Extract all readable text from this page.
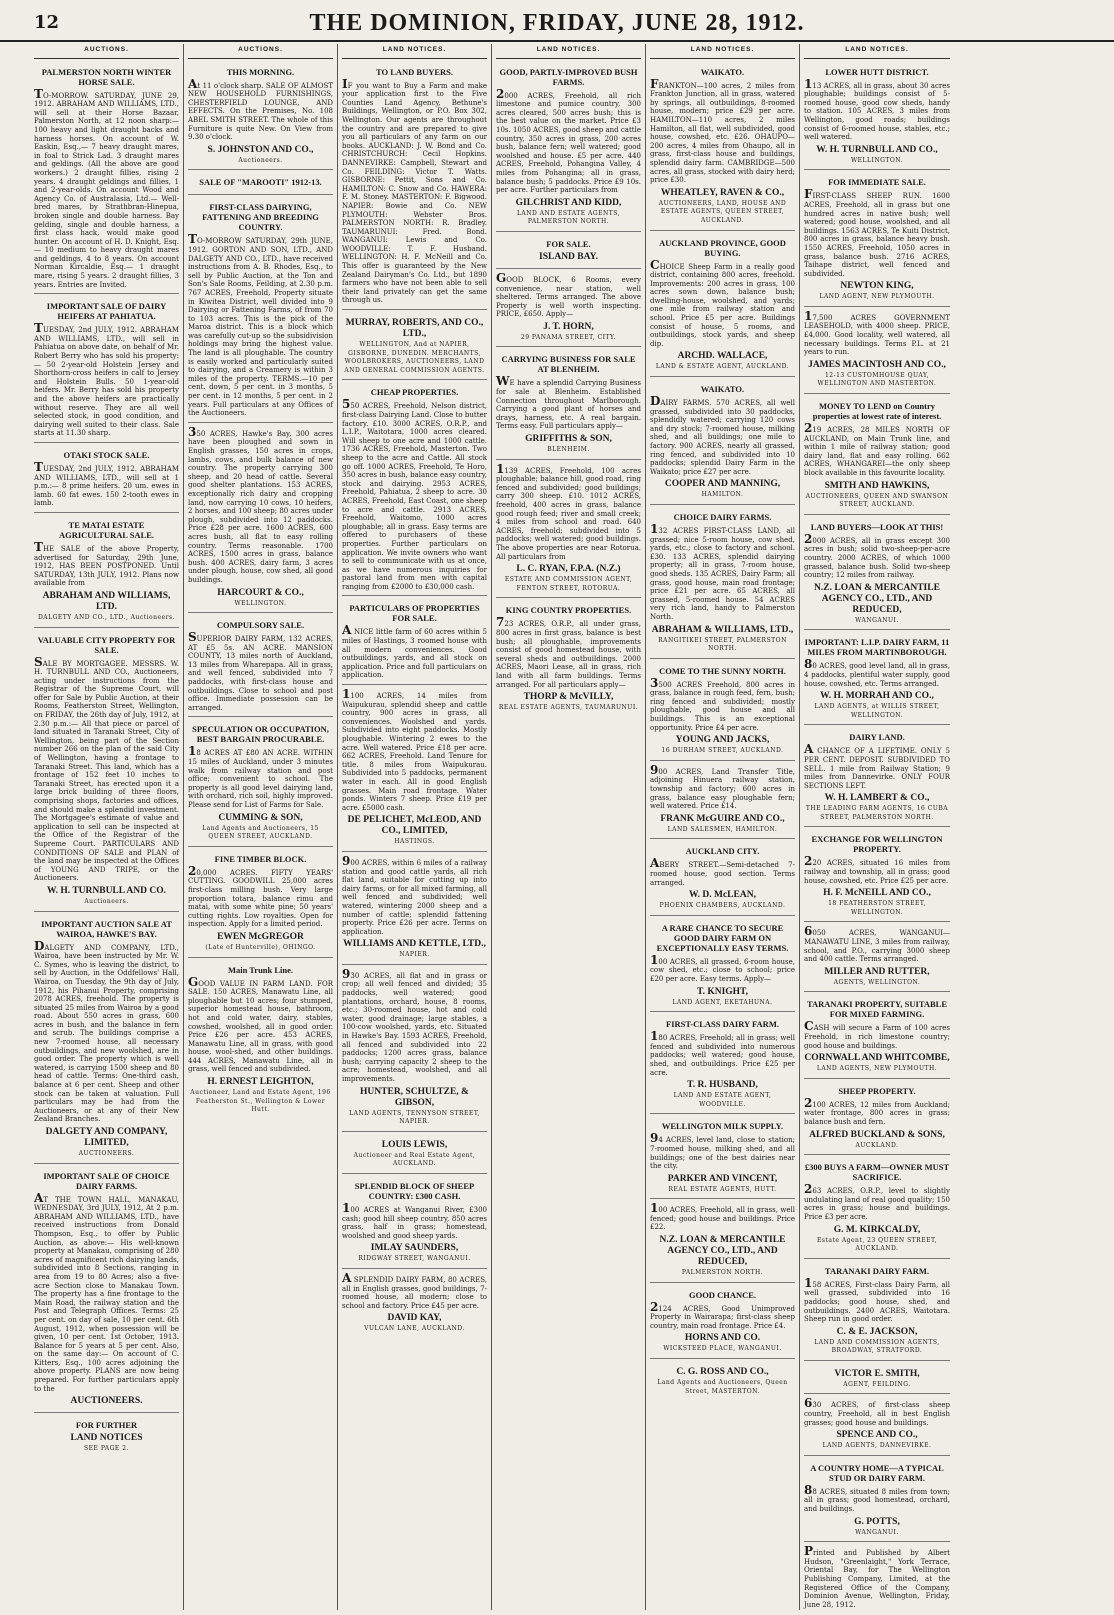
12	THE DOMINION, FRIDAY, JUNE 28, 1912.
AUCTIONS.
PALMERSTON NORTH WINTER HORSE SALE.
TO-MORROW. SATURDAY, JUNE 29, 1912. ABRAHAM AND WILLIAMS, LTD., will sell at their Horse Bazaar, Palmerston North, at 12 noon sharp:— 100 heavy and light draught backs and harness horses. On account of W. Easkin, Esq.,— 7 heavy draught mares, in foal to Strick Lad. 3 draught mares and geldings. (All the above are good workers.) 2 draught fillies, rising 2 years. 4 draught geldings and fillies, 1 and 2-year-olds. On account Wood and Agency Co. of Australasia, Ltd.— Well-bred mares, by Strathbran-Hinepua, broken single and double harness. Bay gelding, single and double harness, a first class hack, would make good hunter. On account of H. D. Knight, Esq.— 10 medium to heavy draught mares and geldings, 4 to 8 years. On account Norman Kircaldie, Esq.— 1 draught mare, rising 5 years. 2 draught fillies, 3 years. Entries are Invited.
IMPORTANT SALE OF DAIRY HEIFERS AT PAHIATUA.
TUESDAY, 2nd JULY, 1912. ABRAHAM AND WILLIAMS, LTD., will sell in Pahiatua on above date, on behalf of Mr. Robert Berry who has sold his property:— 50 2-year-old Holstein Jersey and Shorthorn-cross heifers in calf to Jersey and Holstein Bulls. 50 1-year-old heifers. Mr. Berry has sold his property and the above heifers are practically without reserve. They are all well selected stock, in good condition, and dairying well suited to their class. Sale starts at 11.30 sharp.
OTAKI STOCK SALE.
TUESDAY, 2nd JULY, 1912. ABRAHAM AND WILLIAMS, LTD., will sell at 1 p.m.:— 8 prime heifers. 20 um. ewes in lamb. 60 fat ewes. 150 2-tooth ewes in lamb.
TE MATAI ESTATE AGRICULTURAL SALE.
THE SALE of the above Property, advertised for Saturday, 29th June, 1912, HAS BEEN POSTPONED. Until SATURDAY, 13th JULY, 1912. Plans now available from
ABRAHAM AND WILLIAMS, LTD.
DALGETY AND CO., LTD., Auctioneers.
VALUABLE CITY PROPERTY FOR SALE.
SALE BY MORTGAGEE. MESSRS. W. H. TURNBULL AND CO., Auctioneers, acting under instructions from the Registrar of the Supreme Court, will offer for Sale by Public Auction, at their Rooms, Featherston Street, Wellington, on FRIDAY, the 26th day of July, 1912, at 2.30 p.m.:— All that piece or parcel of land situated in Taranaki Street, City of Wellington, being part of the Section number 266 on the plan of the said City of Wellington, having a frontage to Taranaki Street. This land, which has a frontage of 152 feet 10 inches to Taranaki Street, has erected upon it a large brick building of three floors, comprising shops, factories and offices, and should make a splendid investment. The Mortgagee's estimate of value and application to sell can be inspected at the Office of the Registrar of the Supreme Court. PARTICULARS AND CONDITIONS OF SALE and PLAN of the land may be inspected at the Offices of YOUNG AND TRIPE, or the Auctioneers.
W. H. TURNBULL AND CO.
Auctioneers.
IMPORTANT AUCTION SALE AT WAIROA, HAWKE'S BAY.
DALGETY AND COMPANY, LTD., Wairoa, have been instructed by Mr. W. C. Symes, who is leaving the district, to sell by Auction, in the Oddfellows' Hall, Wairoa, on Tuesday, the 9th day of July, 1912, his Pihanui Property, comprising 2078 ACRES, freehold. The property is situated 25 miles from Wairoa by a good road. About 550 acres in grass, 600 acres in bush, and the balance in fern and scrub. The buildings comprise a new 7-roomed house, all necessary outbuildings, and new woolshed, are in good order. The property which is well watered, is carrying 1500 sheep and 80 head of cattle. Terms: One-third cash, balance at 6 per cent. Sheep and other stock can be taken at valuation. Full particulars may be had from the Auctioneers, or at any of their New Zealand Branches.
DALGETY AND COMPANY, LIMITED,
AUCTIONEERS.
IMPORTANT SALE OF CHOICE DAIRY FARMS.
AT THE TOWN HALL, MANAKAU, WEDNESDAY, 3rd JULY, 1912, At 2 p.m. ABRAHAM AND WILLIAMS, LTD., have received instructions from Donald Thompson, Esq., to offer by Public Auction, as above:— His well-known property at Manakau, comprising of 280 acres of magnificent rich dairying lands, subdivided into 8 Sections, ranging in area from 19 to 80 Acres; also a five-acre Section close to Manakau Town. The property has a fine frontage to the Main Road, the railway station and the Post and Telegraph Offices. Terms: 25 per cent. on day of sale, 10 per cent. 6th August, 1912, when possession will be given, 10 per cent. 1st October, 1913. Balance for 5 years at 5 per cent. Also, on the same day:— On account of C. Kitters, Esq., 100 acres adjoining the above property. PLANS are now being prepared. For further particulars apply to the
AUCTIONEERS.
FOR FURTHER
LAND NOTICES
SEE PAGE 2.
AUCTIONS.
THIS MORNING.
At 11 o'clock sharp. SALE OF ALMOST NEW HOUSEHOLD FURNISHINGS, CHESTERFIELD LOUNGE, AND EFFECTS. On the Premises, No. 108 ABEL SMITH STREET. The whole of this Furniture is quite New. On View from 9.30 o'clock.
S. JOHNSTON AND CO.,
Auctioneers.
SALE OF "MAROOTI" 1912-13.
FIRST-CLASS DAIRYING, FATTENING AND BREEDING COUNTRY.
TO-MORROW SATURDAY, 29th JUNE, 1912. GORTON AND SON, LTD., AND DALGETY AND CO., LTD., have received instructions from A. B. Rhodes, Esq., to sell by Public Auction, at the Ton and Son's Sale Rooms, Feilding, at 2.30 p.m. 767 ACRES, Freehold, Property situate in Kiwitea District, well divided into 9 Dairying or Fattening Farms, of from 70 to 103 acres. This is the pick of the Maroa district. This is a block which was carefully cut-up so the subsidivision holdings may bring the highest value. The land is all ploughable. The country is easily worked and particularly suited to dairying, and a Creamery is within 3 miles of the property. TERMS.—10 per cent. down, 5 per cent. in 3 months, 5 per cent. in 12 months, 5 per cent. in 2 years. Full particulars at any Offices of the Auctioneers.
350 ACRES, Hawke's Bay, 300 acres have been ploughed and sown in English grasses, 150 acres in crops, lambs, cows, and bulk balance of new country. The property carrying 300 sheep, and 20 head of cattle. Several good shelter plantations. 153 ACRES, exceptionally rich dairy and cropping land, now carrying 10 cows, 10 heifers, 2 horses, and 100 sheep; 80 acres under plough, subdivided into 12 paddocks. Price £28 per acre. 1600 ACRES, 600 acres bush, all flat to easy rolling country. Terms reasonable. 1700 ACRES, 1500 acres in grass, balance bush. 400 ACRES, dairy farm, 3 acres under plough, house, cow shed, all good buildings.
HARCOURT & CO.,
WELLINGTON.
COMPULSORY SALE.
SUPERIOR DAIRY FARM, 132 ACRES, AT £5 5s. AN ACRE. MANSION COUNTY, 13 miles north of Auckland, 13 miles from Wharepapa. All in grass, and well fenced, subdivided into 7 paddocks, with first-class house and outbuildings. Close to school and post office. Immediate possession can be arranged.
SPECULATION OR OCCUPATION, BEST BARGAIN PROCURABLE.
18 ACRES AT £80 AN ACRE. WITHIN 15 miles of Auckland, under 3 minutes walk from railway station and post office; convenient to school. The property is all good level dairying land, with orchard, rich soil, highly improved. Please send for List of Farms for Sale.
CUMMING & SON,
Land Agents and Auctioneers, 15 QUEEN STREET, AUCKLAND.
FINE TIMBER BLOCK.
20,000 ACRES. FIFTY YEARS' CUTTING. GOODWILL 25,000 acres first-class milling bush. Very large proportion totara, balance rimu and matai, with some white pine; 50 years' cutting rights. Low royalties. Open for inspection. Apply for a limited period.
EWEN McGREGOR
(Late of Hunterville), OHINGO.
Main Trunk Line.
GOOD VALUE IN FARM LAND. FOR SALE. 150 ACRES, Manawatu Line, all ploughable but 10 acres; four stumped, superior homestead house, bathroom, hot and cold water, dairy, stables, cowshed, woolshed, all in good order. Price £26 per acre. 453 ACRES, Manawatu Line, all in grass, with good house, wool-shed, and other buildings. 444 ACRES, Manawatu Line, all in grass, well fenced and subdivided.
H. ERNEST LEIGHTON,
Auctioneer, Land and Estate Agent, 196 Featherston St., Wellington & Lower Hutt.
LAND NOTICES.
TO LAND BUYERS.
IF you want to Buy a Farm and make your application first to the Five Counties Land Agency, Bethune's Buildings, Wellington, or P.O. Box 302, Wellington. Our agents are throughout the country and are prepared to give you all particulars of any farm on our books. AUCKLAND: J. W. Bond and Co. CHRISTCHURCH: Cecil Hopkins. DANNEVIRKE: Campbell, Stewart and Co. FEILDING: Victor T. Watts. GISBORNE: Pettit, Sons and Co. HAMILTON: C. Snow and Co. HAWERA: F. M. Stoney. MASTERTON: F. Bigwood. NAPIER: Bowie and Co. NEW PLYMOUTH: Webster Bros. PALMERSTON NORTH: R. Bradley. TAUMARUNUI: Fred. Bond. WANGANUI: Lewis and Co. WOODVILLE: T. F. Husband. WELLINGTON: H. F. McNeill and Co. This offer is guaranteed by the New Zealand Dairyman's Co. Ltd., but 1890 farmers who have not been able to sell their land privately can get the same through us.
MURRAY, ROBERTS, AND CO., LTD.,
WELLINGTON, And at NAPIER, GISBORNE, DUNEDIN. MERCHANTS, WOOLBROKERS, AUCTIONEERS, LAND AND GENERAL COMMISSION AGENTS.
CHEAP PROPERTIES.
550 ACRES, Freehold, Nelson district, first-class Dairying Land. Close to butter factory. £10. 3000 ACRES, O.R.P., and L.I.P., Waitotara, 1000 acres cleared. Will sheep to one acre and 1000 cattle. 1736 ACRES, Freehold, Masterton. Two sheep to the acre and Cattle. All stock go off. 1000 ACRES, Freehold, Te Horo, 350 acres in bush, balance easy country, stock and dairying. 2953 ACRES, Freehold, Pahiatua, 2 sheep to acre. 30 ACRES, Freehold, East Coast, one sheep to acre and cattle. 2913 ACRES, Freehold, Waitomo, 1000 acres ploughable; all in grass. Easy terms are offered to purchasers of these properties. Further particulars on application. We invite owners who want to sell to communicate with us at once, as we have numerous inquiries for pastoral land from men with capital ranging from £2000 to £30,000 cash.
PARTICULARS OF PROPERTIES FOR SALE.
A NICE little farm of 60 acres within 5 miles of Hastings, 3 roomed house with all modern conveniences. Good outbuildings, yards, and all stock on application. Price and full particulars on application.
1100 ACRES, 14 miles from Waipukurau, splendid sheep and cattle country, 900 acres in grass, all conveniences. Woolshed and yards. Subdivided into eight paddocks. Mostly ploughable. Wintering 2 ewes to the acre. Well watered. Price £18 per acre. 662 ACRES, Freehold. Land Tenure for title. 8 miles from Waipukurau. Subdivided into 5 paddocks, permanent water in each. All in good English grasses. Main road frontage. Water ponds. Winters 7 sheep. Price £19 per acre. £5000 cash.
DE PELICHET, McLEOD, AND CO., LIMITED,
HASTINGS.
900 ACRES, within 6 miles of a railway station and good cattle yards, all rich flat land, suitable for cutting up into dairy farms, or for all mixed farming, all well fenced and subdivided; well watered, wintering 2000 sheep and a number of cattle; splendid fattening property. Price £26 per acre. Terms on application.
WILLIAMS AND KETTLE, LTD.,
NAPIER.
930 ACRES, all flat and in grass or crop; all well fenced and divided; 35 paddocks, well watered; good plantations, orchard, house, 8 rooms, etc.; 30-roomed house, hot and cold water, good drainage; large stables, a 100-cow woolshed, yards, etc. Situated in Hawke's Bay. 1593 ACRES, Freehold, all fenced and subdivided into 22 paddocks; 1200 acres grass, balance bush; carrying capacity 2 sheep to the acre; homestead, woolshed, and all improvements.
HUNTER, SCHULTZE, & GIBSON,
LAND AGENTS, TENNYSON STREET, NAPIER.
LOUIS LEWIS,
Auctioneer and Real Estate Agent, AUCKLAND.
SPLENDID BLOCK OF SHEEP COUNTRY: £300 CASH.
100 ACRES at Wanganui River, £300 cash; good hill sheep country, 850 acres grass, half in grass; homestead, woolshed and good sheep yards.
IMLAY SAUNDERS,
RIDGWAY STREET, WANGANUI.
A SPLENDID DAIRY FARM, 80 ACRES, all in English grasses, good buildings, 7-roomed house, all modern; close to school and factory. Price £45 per acre.
DAVID KAY,
VULCAN LANE, AUCKLAND.
LAND NOTICES.
GOOD, PARTLY-IMPROVED BUSH FARMS.
2000 ACRES, Freehold, all rich limestone and pumice country, 300 acres cleared, 500 acres bush; this is the best value on the market. Price £3 10s. 1050 ACRES, good sheep and cattle country, 350 acres in grass, 200 acres bush, balance fern; well watered; good woolshed and house. £5 per acre. 440 ACRES, Freehold, Pohangina Valley, 4 miles from Pohangina; all in grass, balance bush; 5 paddocks. Price £9 10s. per acre. Further particulars from
GILCHRIST AND KIDD,
LAND AND ESTATE AGENTS, PALMERSTON NORTH.
FOR SALE.
ISLAND BAY.
GOOD BLOCK, 6 Rooms, every convenience, near station, well sheltered. Terms arranged. The above Property is well worth inspecting. PRICE, £650. Apply—
J. T. HORN,
29 PANAMA STREET, CITY.
CARRYING BUSINESS FOR SALE AT BLENHEIM.
WE have a splendid Carrying Business for sale at Blenheim. Established Connection throughout Marlborough. Carrying a good plant of horses and drays, harness, etc. A real bargain. Terms easy. Full particulars apply—
GRIFFITHS & SON,
BLENHEIM.
1139 ACRES, Freehold, 100 acres ploughable; balance hill, good road, ring fenced and subdivided; good buildings; carry 300 sheep. £10. 1012 ACRES, freehold, 400 acres in grass, balance good rough feed; river and small creek; 4 miles from school and road. 640 ACRES, freehold; subdivided into 5 paddocks; well watered; good buildings. The above properties are near Rotorua. All particulars from
L. C. RYAN, F.P.A. (N.Z.)
ESTATE AND COMMISSION AGENT, FENTON STREET, ROTORUA.
KING COUNTRY PROPERTIES.
723 ACRES, O.R.P., all under grass, 800 acres in first grass, balance is best bush; all ploughable, improvements consist of good homestead house, with several sheds and outbuildings. 2000 ACRES, Maori Lease, all in grass, rich land with all farm buildings. Terms arranged. For all particulars apply—
THORP & McVILLY,
REAL ESTATE AGENTS, TAUMARUNUI.
LAND NOTICES.
WAIKATO.
FRANKTON—100 acres, 2 miles from Frankton Junction, all in grass, watered by springs, all outbuildings, 8-roomed house, modern; price £29 per acre. HAMILTON—110 acres, 2 miles Hamilton, all flat, well subdivided, good house, cowshed, etc. £26. OHAUPO—200 acres, 4 miles from Ohaupo, all in grass, first-class house and buildings, splendid dairy farm. CAMBRIDGE—500 acres, all grass, stocked with dairy herd; price £30.
WHEATLEY, RAVEN & CO.,
AUCTIONEERS, LAND, HOUSE AND ESTATE AGENTS, QUEEN STREET, AUCKLAND.
AUCKLAND PROVINCE, GOOD BUYING.
CHOICE Sheep Farm in a really good district, containing 800 acres, freehold. Improvements: 200 acres in grass, 100 acres sown down, balance bush; dwelling-house, woolshed, and yards; one mile from railway station and school. Price £5 per acre. Buildings consist of house, 5 rooms, and outbuildings, stock yards, and sheep dip.
ARCHD. WALLACE,
LAND & ESTATE AGENT, AUCKLAND.
WAIKATO.
DAIRY FARMS. 570 ACRES, all well grassed, subdivided into 30 paddocks, splendidly watered; carrying 120 cows and dry stock; 7-roomed house, milking shed, and all buildings; one mile to factory. 900 ACRES, nearly all grassed, ring fenced, and subdivided into 10 paddocks; splendid Dairy Farm in the Waikato; price £27 per acre.
COOPER AND MANNING,
HAMILTON.
CHOICE DAIRY FARMS.
132 ACRES FIRST-CLASS LAND, all grassed; nice 5-room house, cow shed, yards, etc.; close to factory and school. £30. 133 ACRES, splendid dairying property; all in grass, 7-room house, good sheds. 135 ACRES, Dairy Farm; all grass, good house, main road frontage; price £21 per acre. 65 ACRES, all grassed, 5-roomed house. 54 ACRES very rich land, handy to Palmerston North.
ABRAHAM & WILLIAMS, LTD.,
RANGITIKEI STREET, PALMERSTON NORTH.
COME TO THE SUNNY NORTH.
3500 ACRES Freehold, 800 acres in grass, balance in rough feed, fern, bush; ring fenced and subdivided; mostly ploughable, good house and all buildings. This is an exceptional opportunity. Price £4 per acre.
YOUNG AND JACKS,
16 DURHAM STREET, AUCKLAND.
900 ACRES, Land Transfer Title, adjoining Hinuera railway station, township and factory; 600 acres in grass, balance easy ploughable fern; well watered. Price £14.
FRANK McGUIRE AND CO.,
LAND SALESMEN, HAMILTON.
AUCKLAND CITY.
ABERY STREET.—Semi-detached 7-roomed house, good section. Terms arranged.
W. D. McLEAN,
PHOENIX CHAMBERS, AUCKLAND.
A RARE CHANCE TO SECURE GOOD DAIRY FARM ON EXCEPTIONALLY EASY TERMS.
100 ACRES, all grassed, 6-room house, cow shed, etc.; close to school; price £20 per acre. Easy terms. Apply—
T. KNIGHT,
LAND AGENT, EKETAHUNA.
FIRST-CLASS DAIRY FARM.
180 ACRES, Freehold; all in grass; well fenced and subdivided into numerous paddocks; well watered; good house, shed, and outbuildings. Price £25 per acre.
T. R. HUSBAND,
LAND AND ESTATE AGENT, WOODVILLE.
WELLINGTON MILK SUPPLY.
94 ACRES, level land, close to station; 7-roomed house, milking shed, and all buildings; one of the best dairies near the city.
PARKER AND VINCENT,
REAL ESTATE AGENTS, HUTT.
100 ACRES, Freehold, all in grass, well fenced; good house and buildings. Price £22.
N.Z. LOAN & MERCANTILE AGENCY CO., LTD., AND REDUCED,
PALMERSTON NORTH.
GOOD CHANCE.
2124 ACRES, Good Unimproved Property in Wairarapa; first-class sheep country, main road frontage. Price £4.
HORNS AND CO.
WICKSTEED PLACE, WANGANUI.
C. G. ROSS AND CO.,
Land Agents and Auctioneers, Queen Street, MASTERTON.
LAND NOTICES.
LOWER HUTT DISTRICT.
113 ACRES, all in grass, about 30 acres ploughable; buildings consist of 5-roomed house, good cow sheds, handy to station. 105 ACRES, 3 miles from Wellington, good roads; buildings consist of 6-roomed house, stables, etc.; well watered.
W. H. TURNBULL AND CO.,
WELLINGTON.
FOR IMMEDIATE SALE.
FIRST-CLASS SHEEP RUN. 1600 ACRES, Freehold, all in grass but one hundred acres in native bush; well watered; good house, woolshed, and all buildings. 1563 ACRES, Te Kuiti District, 800 acres in grass, balance heavy bush. 1550 ACRES, Freehold, 1050 acres in grass, balance bush. 2716 ACRES, Taihape district, well fenced and subdivided.
NEWTON KING,
LAND AGENT, NEW PLYMOUTH.
17,500 ACRES GOVERNMENT LEASEHOLD, with 4000 sheep. PRICE, £4,000. Good locality, well watered, all necessary buildings. Terms P.L. at 21 years to run.
JAMES MACINTOSH AND CO.,
12-13 CUSTOMHOUSE QUAY, WELLINGTON AND MASTERTON.
MONEY TO LEND on Country properties at lowest rate of interest.
219 ACRES, 28 MILES NORTH OF AUCKLAND, on Main Trunk line, and within 1 mile of railway station; good dairy land, flat and easy rolling. 662 ACRES, WHANGAREI—the only sheep block available in this favourite locality.
SMITH AND HAWKINS,
AUCTIONEERS, QUEEN AND SWANSON STREET, AUCKLAND.
LAND BUYERS—LOOK AT THIS!
2000 ACRES, all in grass except 300 acres in bush; solid two-sheep-per-acre country. 2000 ACRES, of which 1000 grassed, balance bush. Solid two-sheep country; 12 miles from railway.
N.Z. LOAN & MERCANTILE AGENCY CO., LTD., AND REDUCED,
WANGANUI.
IMPORTANT: L.I.P. DAIRY FARM, 11 MILES FROM MARTINBOROUGH.
80 ACRES, good level land, all in grass, 4 paddocks, plentiful water supply, good house, cowshed, etc. Terms arranged.
W. H. MORRAH AND CO.,
LAND AGENTS, at WILLIS STREET, WELLINGTON.
DAIRY LAND.
A CHANCE OF A LIFETIME. ONLY 5 PER CENT. DEPOSIT. SUBDIVIDED TO SELL. 1 mile from Railway Station; 9 miles from Dannevirke. ONLY FOUR SECTIONS LEFT.
W. H. LAMBERT & CO.,
THE LEADING FARM AGENTS, 16 CUBA STREET, PALMERSTON NORTH.
EXCHANGE FOR WELLINGTON PROPERTY.
220 ACRES, situated 16 miles from railway and township, all in grass; good house, cowshed, etc. Price £25 per acre.
H. F. McNEILL AND CO.,
18 FEATHERSTON STREET, WELLINGTON.
6050 ACRES, WANGANUI—MANAWATU LINE, 3 miles from railway, school, and P.O., carrying 3000 sheep and 400 cattle. Terms arranged.
MILLER AND RUTTER,
AGENTS, WELLINGTON.
TARANAKI PROPERTY, SUITABLE FOR MIXED FARMING.
CASH will secure a Farm of 100 acres Freehold, in rich limestone country; good house and buildings.
CORNWALL AND WHITCOMBE,
LAND AGENTS, NEW PLYMOUTH.
SHEEP PROPERTY.
2100 ACRES, 12 miles from Auckland; water frontage, 800 acres in grass; balance bush and fern.
ALFRED BUCKLAND & SONS,
AUCKLAND.
£300 BUYS A FARM—OWNER MUST SACRIFICE.
263 ACRES, O.R.P., level to slightly undulating land of real good quality; 150 acres in grass; house and buildings. Price £3 per acre.
G. M. KIRKCALDY,
Estate Agent, 23 QUEEN STREET, AUCKLAND.
TARANAKI DAIRY FARM.
158 ACRES, First-class Dairy Farm, all well grassed, subdivided into 16 paddocks; good house, shed, and outbuildings. 2400 ACRES, Waitotara. Sheep run in good order.
C. & E. JACKSON,
LAND AND COMMISSION AGENTS, BROADWAY, STRATFORD.
VICTOR E. SMITH,
AGENT, FEILDING.
630 ACRES, of first-class sheep country, Freehold, all in best English grasses; good house and buildings.
SPENCE AND CO.,
LAND AGENTS, DANNEVIRKE.
A COUNTRY HOME—A TYPICAL STUD OR DAIRY FARM.
88 ACRES, situated 8 miles from town; all in grass; good homestead, orchard, and buildings.
G. POTTS,
WANGANUI.
Printed and Published by Albert Hudson, "Greenlaight," York Terrace, Oriental Bay, for The Wellington Publishing Company, Limited, at the Registered Office of the Company, Dominion Avenue, Wellington, Friday, June 28, 1912.
